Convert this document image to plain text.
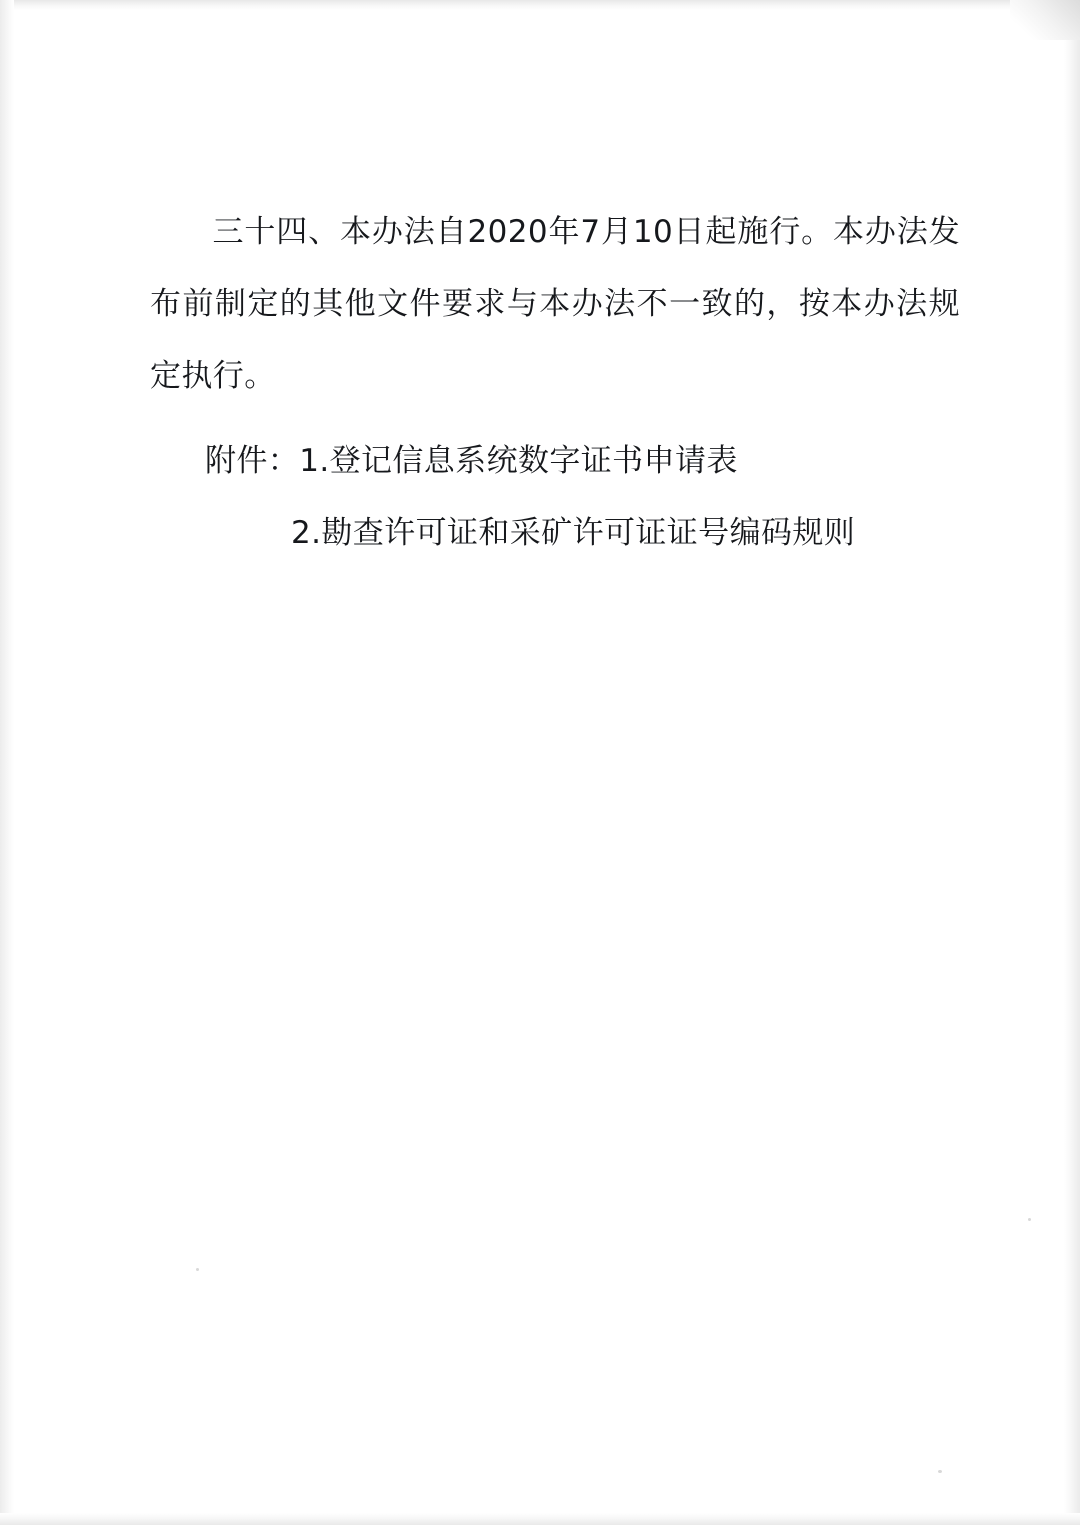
三十四、本办法自2020年7月10日起施行。本办法发布前制定的其他文件要求与本办法不一致的，按本办法规定执行。

附件：1.登记信息系统数字证书申请表
2.勘查许可证和采矿许可证证号编码规则
